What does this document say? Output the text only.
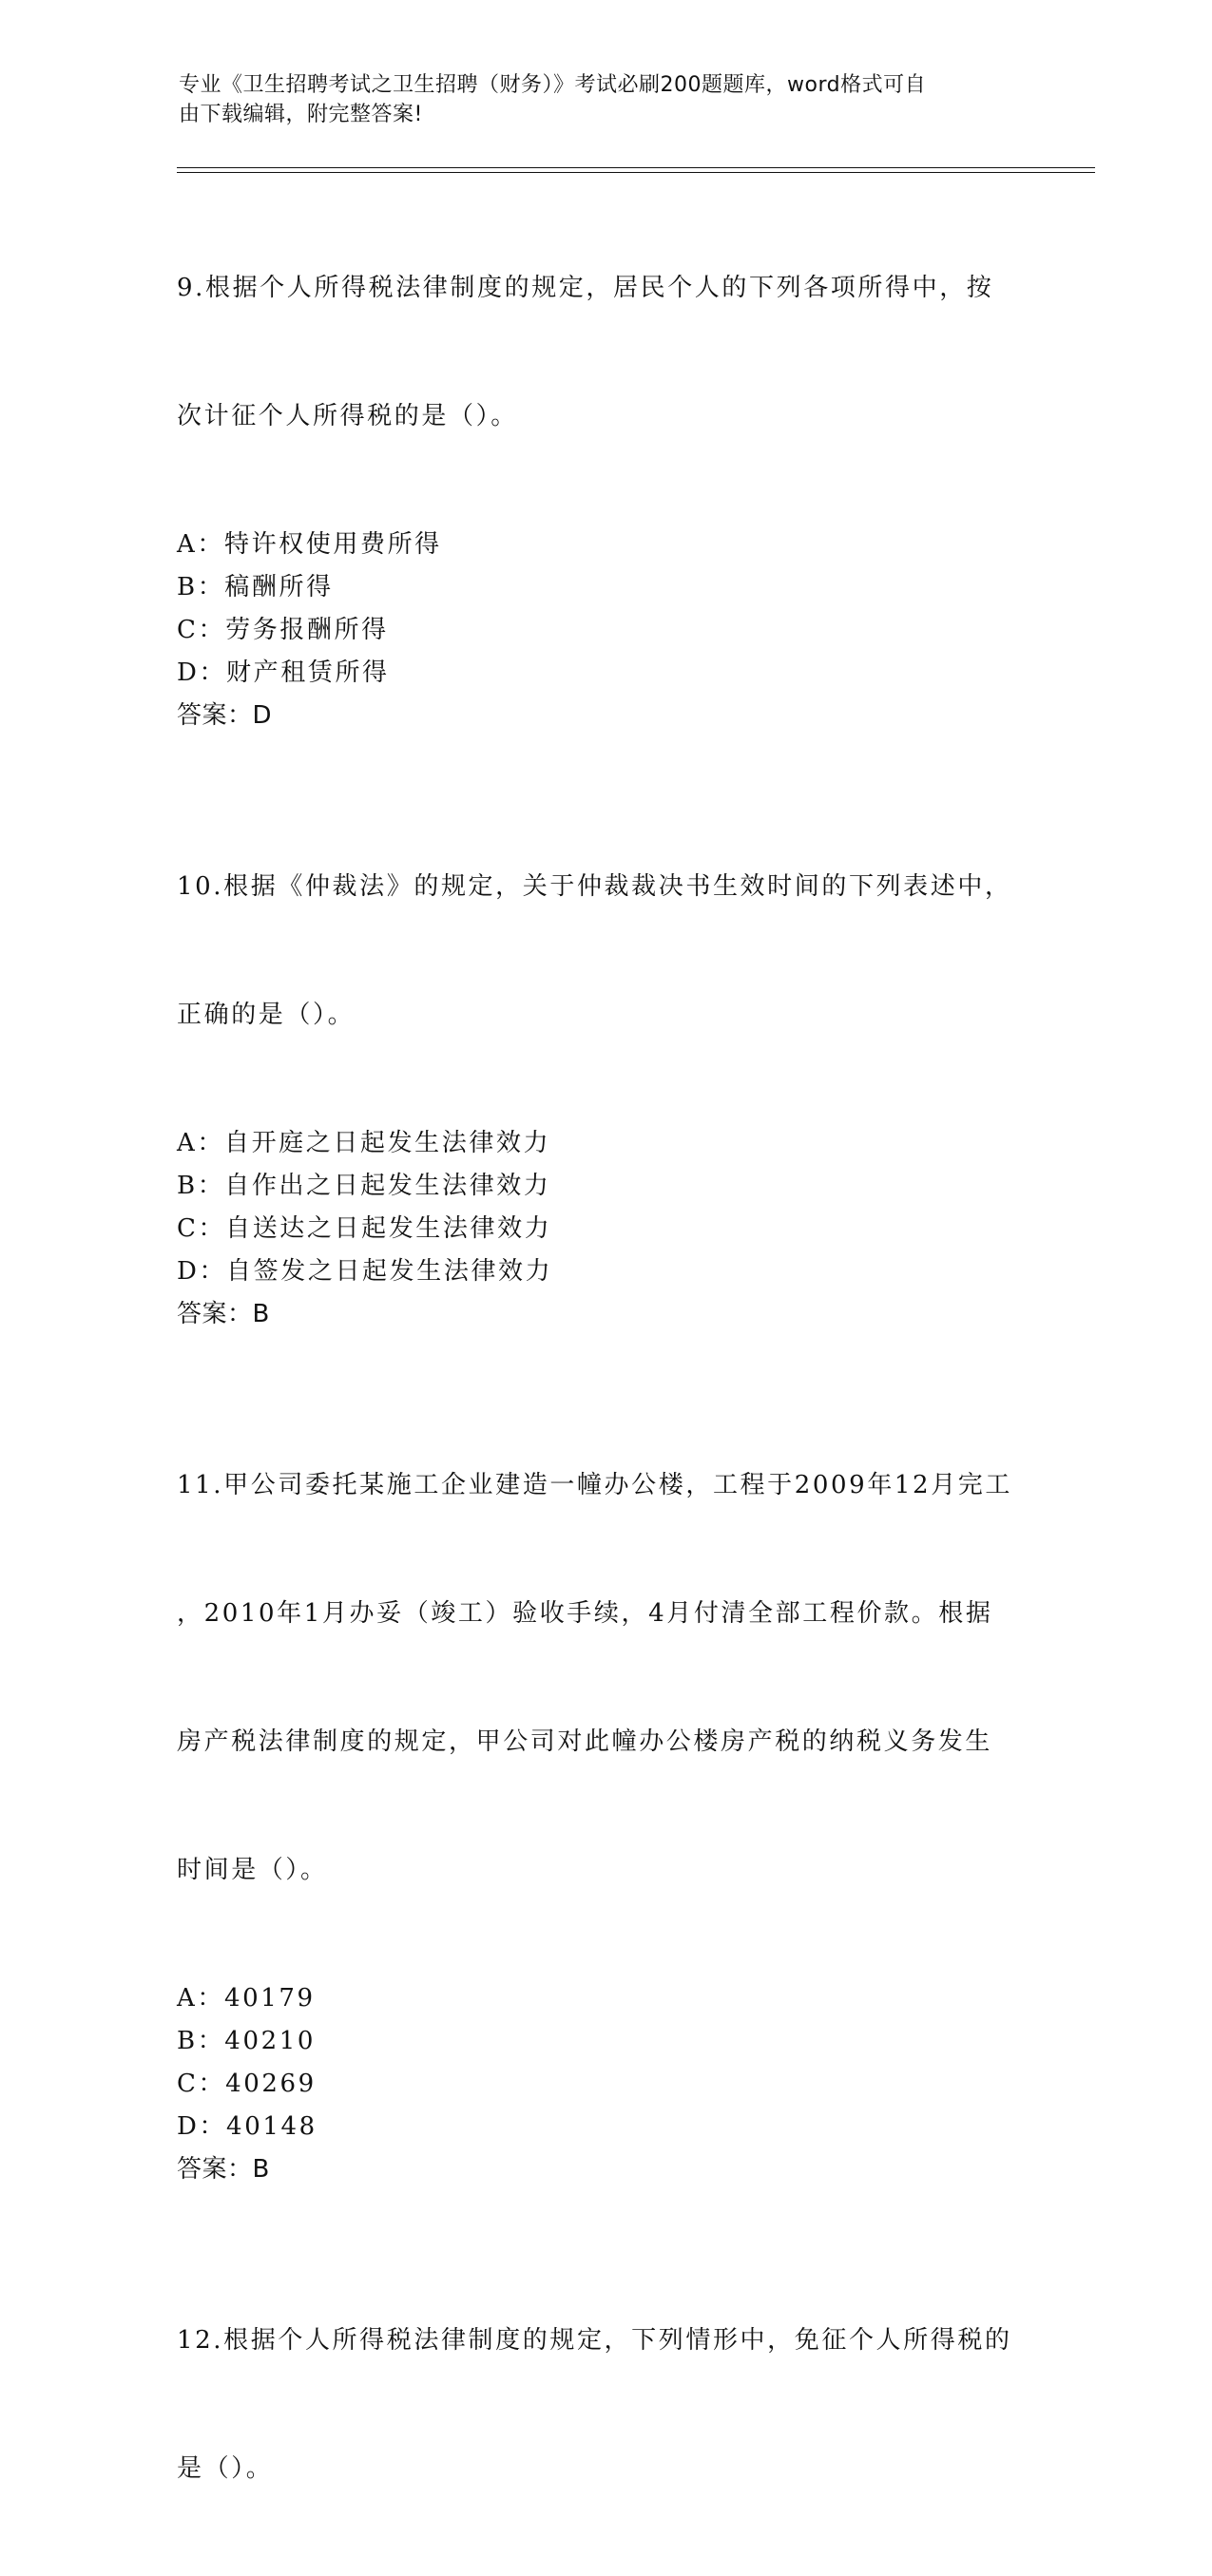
专业《卫生招聘考试之卫生招聘（财务）》考试必刷200题题库，word格式可自
由下载编辑，附完整答案!

9.根据个人所得税法律制度的规定，居民个人的下列各项所得中，按

次计征个人所得税的是（）。

A：特许权使用费所得
B：稿酬所得
C：劳务报酬所得
D：财产租赁所得
答案：D

10.根据《仲裁法》的规定，关于仲裁裁决书生效时间的下列表述中，

正确的是（）。

A：自开庭之日起发生法律效力
B：自作出之日起发生法律效力
C：自送达之日起发生法律效力
D：自签发之日起发生法律效力
答案：B

11.甲公司委托某施工企业建造一幢办公楼，工程于2009年12月完工

，2010年1月办妥（竣工）验收手续，4月付清全部工程价款。根据

房产税法律制度的规定，甲公司对此幢办公楼房产税的纳税义务发生

时间是（）。

A：40179
B：40210
C：40269
D：40148
答案：B

12.根据个人所得税法律制度的规定，下列情形中，免征个人所得税的

是（）。
